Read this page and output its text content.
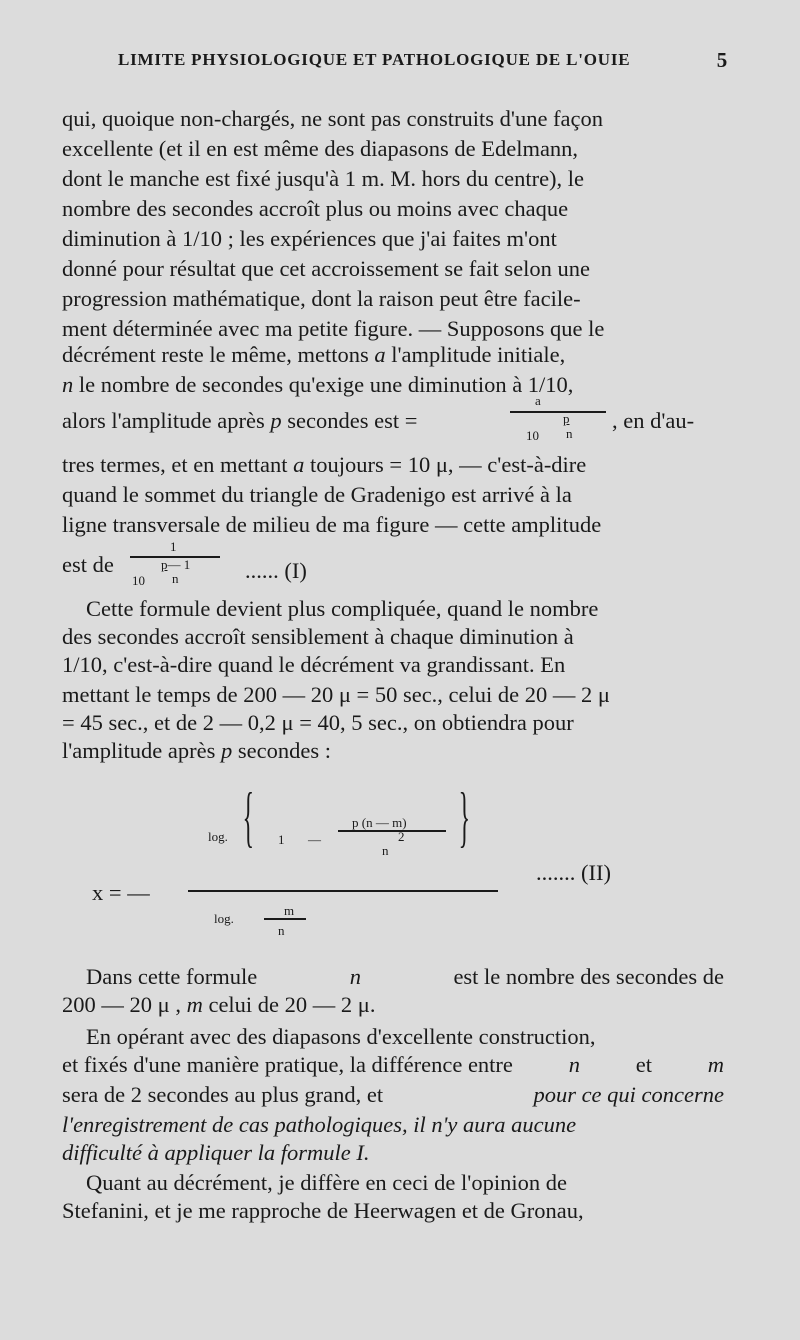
LIMITE PHYSIOLOGIQUE ET PATHOLOGIQUE DE L'OUIE	5
qui, quoique non-chargés, ne sont pas construits d'une façon
excellente (et il en est même des diapasons de Edelmann,
dont le manche est fixé jusqu'à 1 m. M. hors du centre), le
nombre des secondes accroît plus ou moins avec chaque
diminution à 1/10 ; les expériences que j'ai faites m'ont
donné pour résultat que cet accroissement se fait selon une
progression mathématique, dont la raison peut être facile-
ment déterminée avec ma petite figure. — Supposons que le
décrément reste le même, mettons a l'amplitude initiale,
n le nombre de secondes qu'exige une diminution à 1/10,
alors l'amplitude après p secondes est =
a
p
10 n
, en d'au-
tres termes, et en mettant a toujours = 10 μ, — c'est-à-dire
quand le sommet du triangle de Gradenigo est arrivé à la
ligne transversale de milieu de ma figure — cette amplitude
est de
1
p— 1
10 n	...... (I)
Cette formule devient plus compliquée, quand le nombre
des secondes accroît sensiblement à chaque diminution à
1/10, c'est-à-dire quand le décrément va grandissant. En
mettant le temps de 200 — 20 μ = 50 sec., celui de 20 — 2 μ
= 45 sec., et de 2 — 0,2 μ = 40, 5 sec., on obtiendra pour
l'amplitude après p secondes :
{
log.	1 —
p (n — m)
2
n }
....... (II)
x = —
log.
m
n
Dans cette formule	n	est le nombre des secondes de
200 — 20 μ , m celui de 20 — 2 μ.
En opérant avec des diapasons d'excellente construction,
et fixés d'une manière pratique, la différence entre n et m
sera de 2 secondes au plus grand, et	pour ce qui concerne
l'enregistrement de cas pathologiques, il n'y aura aucune
difficulté à appliquer la formule I.
Quant au décrément, je diffère en ceci de l'opinion de
Stefanini, et je me rapproche de Heerwagen et de Gronau,
